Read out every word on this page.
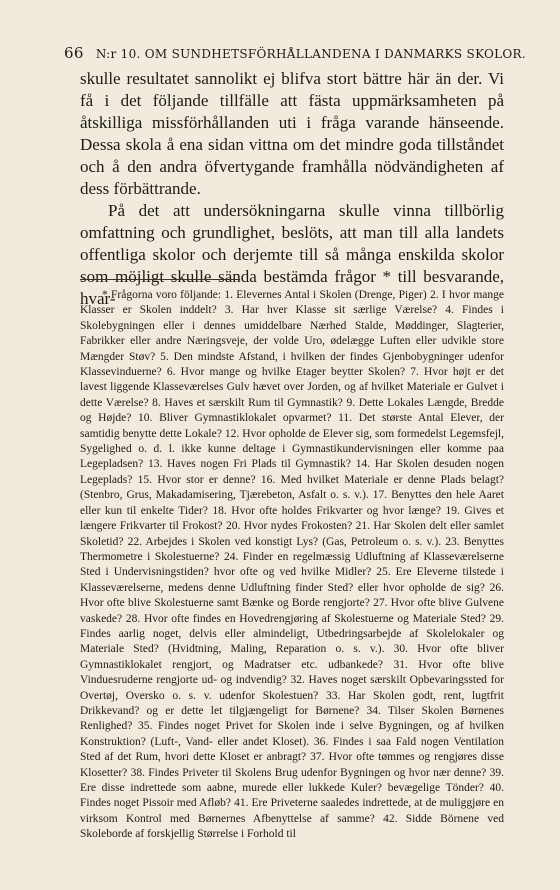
66 N:r 10. OM SUNDHETSFÖRHÅLLANDENA I DANMARKS SKOLOR.

skulle resultatet sannolikt ej blifva stort bättre här än der. Vi få i det följande tillfälle att fästa uppmärksamheten på åtskilliga missförhållanden uti i fråga varande hänseende. Dessa skola å ena sidan vittna om det mindre goda tillståndet och å den andra öfvertygande framhålla nödvändigheten af dess förbättrande.

På det att undersökningarna skulle vinna tillbörlig omfattning och grundlighet, beslöts, att man till alla landets offentliga skolor och derjemte till så många enskilda skolor som möjligt skulle sända bestämda frågor * till besvarande, hvar-

* Frågorna voro följande: 1. Elevernes Antal i Skolen (Drenge, Piger) 2. I hvor mange Klasser er Skolen inddelt? 3. Har hver Klasse sit særlige Værelse? 4. Findes i Skolebygningen eller i dennes umiddelbare Nærhed Stalde, Møddinger, Slagterier, Fabrikker eller andre Næringsveje, der volde Uro, ødelægge Luften eller udvikle store Mængder Støv? 5. Den mindste Afstand, i hvilken der findes Gjenbobygninger udenfor Klassevinduerne? 6. Hvor mange og hvilke Etager beytter Skolen? 7. Hvor højt er det lavest liggende Klasseværelses Gulv hævet over Jorden, og af hvilket Materiale er Gulvet i dette Værelse? 8. Haves et særskilt Rum til Gymnastik? 9. Dette Lokales Længde, Bredde og Højde? 10. Bliver Gymnastiklokalet opvarmet? 11. Det største Antal Elever, der samtidig benytte dette Lokale? 12. Hvor opholde de Elever sig, som formedelst Legemsfejl, Sygelighed o. d. l. ikke kunne deltage i Gymnastikundervisningen eller komme paa Legepladsen? 13. Haves nogen Fri Plads til Gymnastik? 14. Har Skolen desuden nogen Legeplads? 15. Hvor stor er denne? 16. Med hvilket Materiale er denne Plads belagt? (Stenbro, Grus, Makadamisering, Tjærebeton, Asfalt o. s. v.). 17. Benyttes den hele Aaret eller kun til enkelte Tider? 18. Hvor ofte holdes Frikvarter og hvor længe? 19. Gives et længere Frikvarter til Frokost? 20. Hvor nydes Frokosten? 21. Har Skolen delt eller samlet Skoletid? 22. Arbejdes i Skolen ved konstigt Lys? (Gas, Petroleum o. s. v.). 23. Benyttes Thermometre i Skolestuerne? 24. Finder en regelmæssig Udluftning af Klasseværelserne Sted i Undervisningstiden? hvor ofte og ved hvilke Midler? 25. Ere Eleverne tilstede i Klasseværelserne, medens denne Udluftning finder Sted? eller hvor opholde de sig? 26. Hvor ofte blive Skolestuerne samt Bænke og Borde rengjorte? 27. Hvor ofte blive Gulvene vaskede? 28. Hvor ofte findes en Hovedrengjøring af Skolestuerne og Materiale Sted? 29. Findes aarlig noget, delvis eller almindeligt, Utbedringsarbejde af Skolelokaler og Materiale Sted? (Hvidtning, Maling, Reparation o. s. v.). 30. Hvor ofte bliver Gymnastiklokalet rengjort, og Madratser etc. udbankede? 31. Hvor ofte blive Vinduesruderne rengjorte ud- og indvendig? 32. Haves noget særskilt Opbevaringssted for Overtøj, Oversko o. s. v. udenfor Skolestuen? 33. Har Skolen godt, rent, lugtfrit Drikkevand? og er dette let tilgjængeligt for Børnene? 34. Tilser Skolen Børnenes Renlighed? 35. Findes noget Privet for Skolen inde i selve Bygningen, og af hvilken Konstruktion? (Luft-, Vand- eller andet Kloset). 36. Findes i saa Fald nogen Ventilation Sted af det Rum, hvori dette Kloset er anbragt? 37. Hvor ofte tømmes og rengjøres disse Klosetter? 38. Findes Priveter til Skolens Brug udenfor Bygningen og hvor nær denne? 39. Ere disse indrettede som aabne, murede eller lukkede Kuler? bevægelige Tönder? 40. Findes noget Pissoir med Afløb? 41. Ere Priveterne saaledes indrettede, at de muliggjøre en virksom Kontrol med Børnernes Afbenyttelse af samme? 42. Sidde Börnene ved Skoleborde af forskjellig Størrelse i Forhold til
